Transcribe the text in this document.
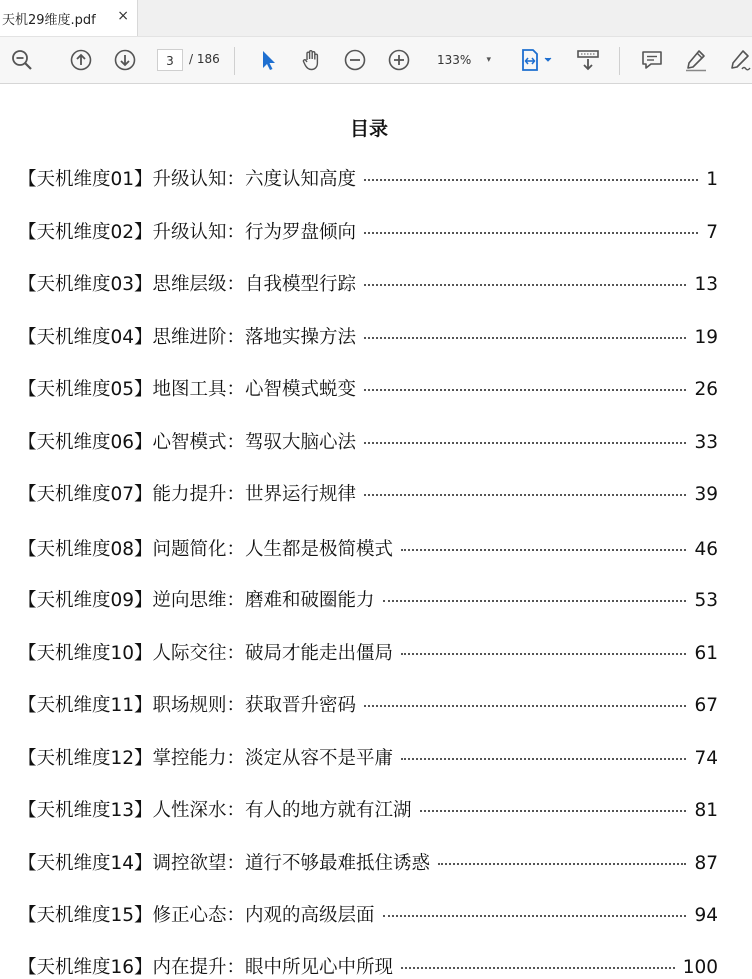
天机29维度.pdf ×
3	/ 186	133% ▾
目录
【天机维度01】升级认知：六度认知高度	1
【天机维度02】升级认知：行为罗盘倾向	7
【天机维度03】思维层级：自我模型行踪	13
【天机维度04】思维进阶：落地实操方法	19
【天机维度05】地图工具：心智模式蜕变	26
【天机维度06】心智模式：驾驭大脑心法	33
【天机维度07】能力提升：世界运行规律	39
【天机维度08】问题简化：人生都是极简模式	46
【天机维度09】逆向思维：磨难和破圈能力	53
【天机维度10】人际交往：破局才能走出僵局	61
【天机维度11】职场规则：获取晋升密码	67
【天机维度12】掌控能力：淡定从容不是平庸	74
【天机维度13】人性深水：有人的地方就有江湖	81
【天机维度14】调控欲望：道行不够最难抵住诱惑	87
【天机维度15】修正心态：内观的高级层面	94
【天机维度16】内在提升：眼中所见心中所现	100
